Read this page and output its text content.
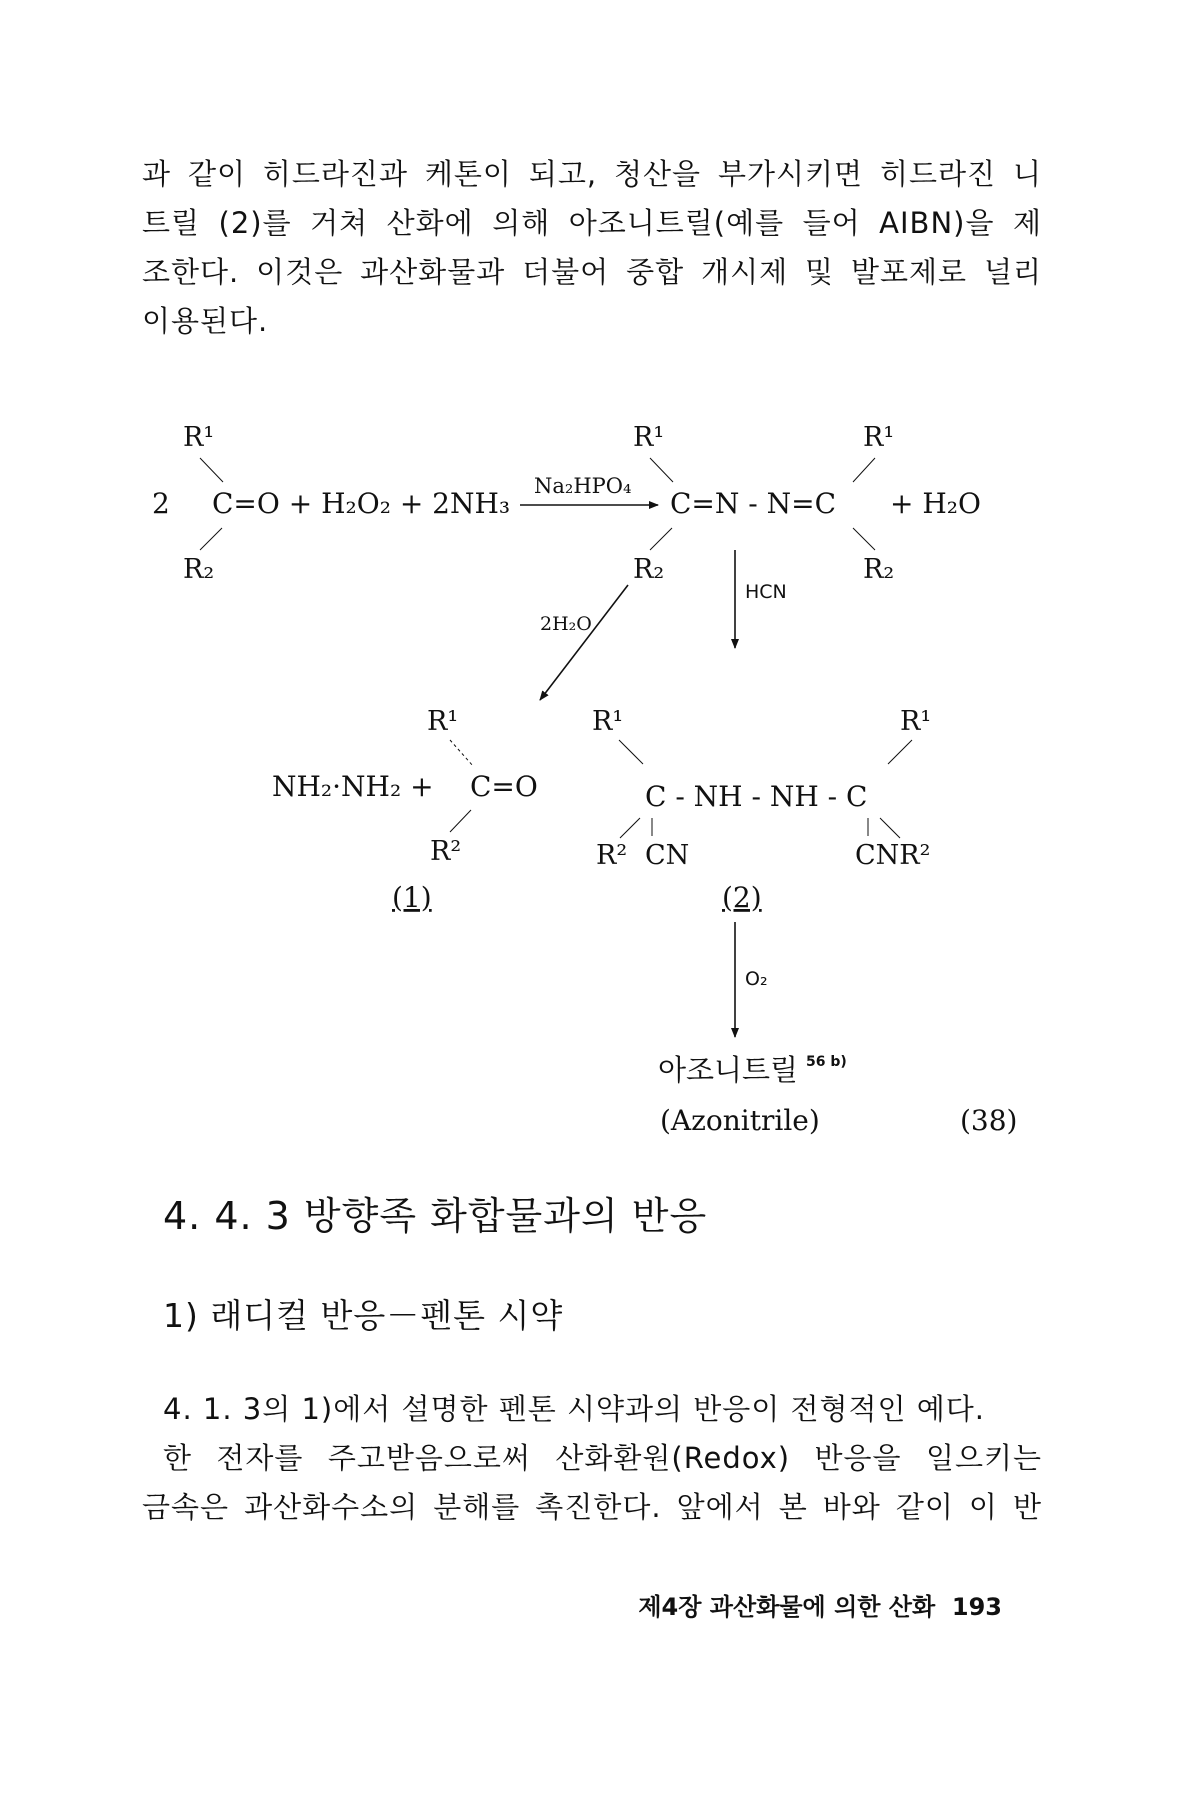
과 같이 히드라진과 케톤이 되고, 청산을 부가시키면 히드라진 니

트릴 (2)를 거쳐 산화에 의해 아조니트릴(예를 들어 AIBN)을 제

조한다. 이것은 과산화물과 더불어 중합 개시제 및 발포제로 널리

이용된다.

R¹
2 C=O + H₂O₂ + 2NH₃
R₂
Na₂HPO₄
R¹	R¹
C=N - N=C + H₂O
R₂	R₂
2H₂O
HCN
R¹
NH₂·NH₂ + C=O
R²
(1)
R¹	R¹
C - NH - NH - C
R² CN	CNR²
(2)
O₂
아조니트릴 56 b)
(Azonitrile)	(38)
4. 4. 3 방향족 화합물과의 반응
1) 래디컬 반응－펜톤 시약

4. 1. 3의 1)에서 설명한 펜톤 시약과의 반응이 전형적인 예다.

한 전자를 주고받음으로써 산화환원(Redox) 반응을 일으키는

금속은 과산화수소의 분해를 촉진한다. 앞에서 본 바와 같이 이 반

제4장 과산화물에 의한 산화 193
